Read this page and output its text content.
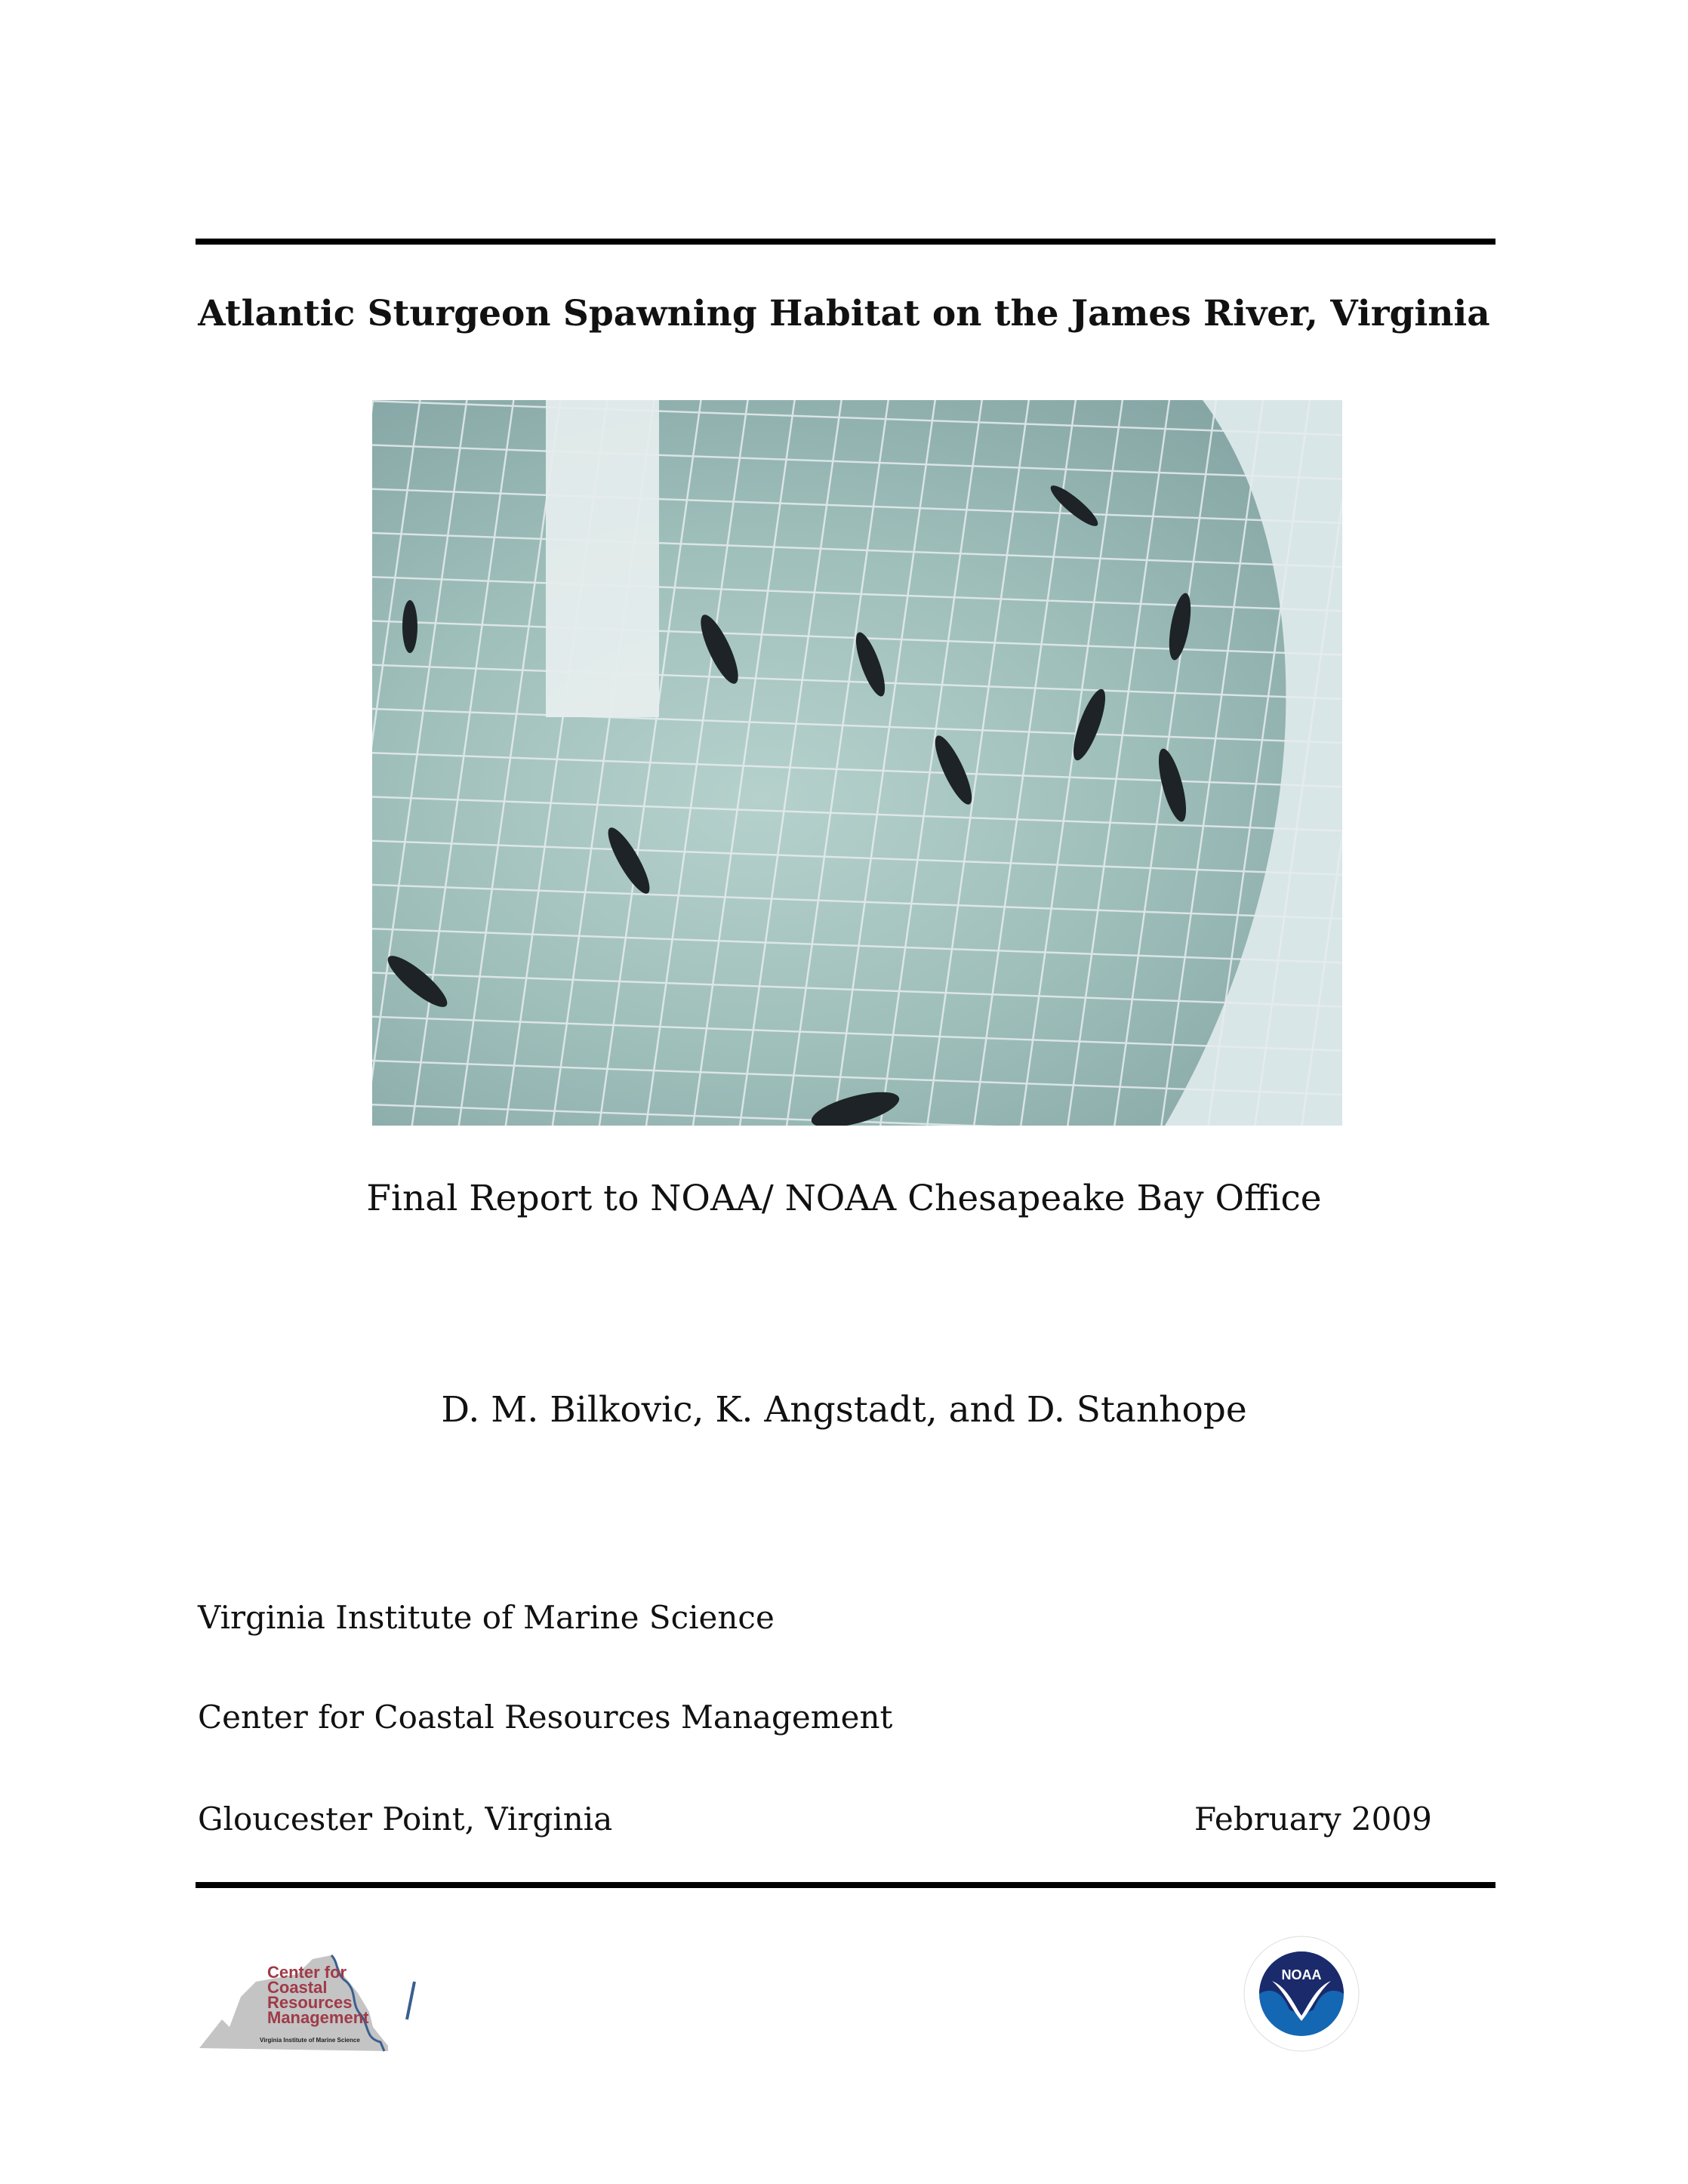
Atlantic Sturgeon Spawning Habitat on the James River, Virginia
Final Report to NOAA/ NOAA Chesapeake Bay Office
D. M. Bilkovic, K. Angstadt, and D. Stanhope
Virginia Institute of Marine Science
Center for Coastal Resources Management
Gloucester Point, Virginia	February 2009
Center for
Coastal
Resources
Management
Virginia Institute of Marine Science
NOAA
